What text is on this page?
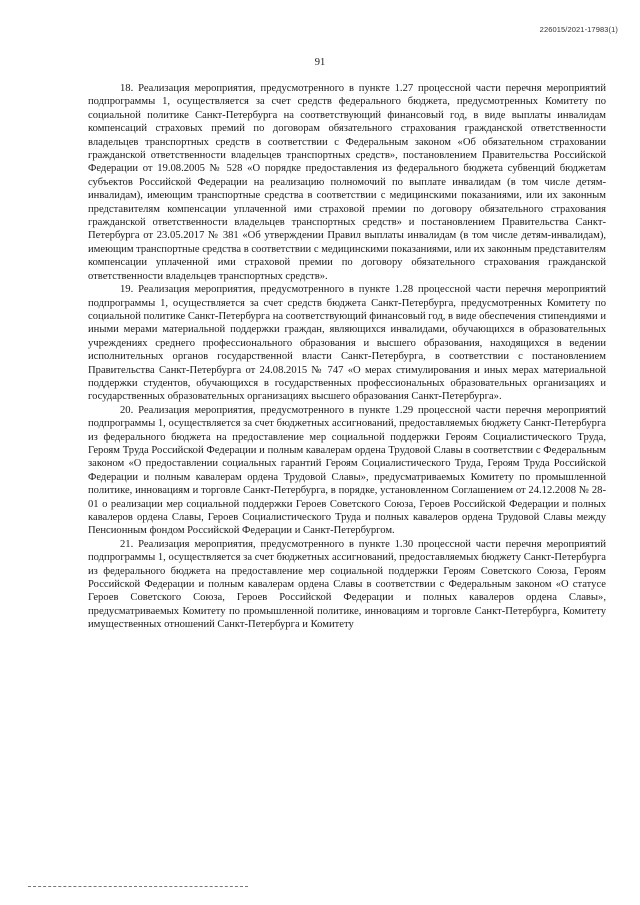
226015/2021-17983(1)
91

18. Реализация мероприятия, предусмотренного в пункте 1.27 процессной части перечня мероприятий подпрограммы 1, осуществляется за счет средств федерального бюджета, предусмотренных Комитету по социальной политике Санкт-Петербурга на соответствующий финансовый год, в виде выплаты инвалидам компенсаций страховых премий по договорам обязательного страхования гражданской ответственности владельцев транспортных средств в соответствии с Федеральным законом «Об обязательном страховании гражданской ответственности владельцев транспортных средств», постановлением Правительства Российской Федерации от 19.08.2005 № 528 «О порядке предоставления из федерального бюджета субвенций бюджетам субъектов Российской Федерации на реализацию полномочий по выплате инвалидам (в том числе детям-инвалидам), имеющим транспортные средства в соответствии с медицинскими показаниями, или их законным представителям компенсации уплаченной ими страховой премии по договору обязательного страхования гражданской ответственности владельцев транспортных средств» и постановлением Правительства Санкт-Петербурга от 23.05.2017 № 381 «Об утверждении Правил выплаты инвалидам (в том числе детям-инвалидам), имеющим транспортные средства в соответствии с медицинскими показаниями, или их законным представителям компенсации уплаченной ими страховой премии по договору обязательного страхования гражданской ответственности владельцев транспортных средств».

19. Реализация мероприятия, предусмотренного в пункте 1.28 процессной части перечня мероприятий подпрограммы 1, осуществляется за счет средств бюджета Санкт-Петербурга, предусмотренных Комитету по социальной политике Санкт-Петербурга на соответствующий финансовый год, в виде обеспечения стипендиями и иными мерами материальной поддержки граждан, являющихся инвалидами, обучающихся в образовательных учреждениях среднего профессионального образования и высшего образования, находящихся в ведении исполнительных органов государственной власти Санкт-Петербурга, в соответствии с постановлением Правительства Санкт-Петербурга от 24.08.2015 № 747 «О мерах стимулирования и иных мерах материальной поддержки студентов, обучающихся в государственных профессиональных образовательных организациях и государственных образовательных организациях высшего образования Санкт-Петербурга».

20. Реализация мероприятия, предусмотренного в пункте 1.29 процессной части перечня мероприятий подпрограммы 1, осуществляется за счет бюджетных ассигнований, предоставляемых бюджету Санкт-Петербурга из федерального бюджета на предоставление мер социальной поддержки Героям Социалистического Труда, Героям Труда Российской Федерации и полным кавалерам ордена Трудовой Славы в соответствии с Федеральным законом «О предоставлении социальных гарантий Героям Социалистического Труда, Героям Труда Российской Федерации и полным кавалерам ордена Трудовой Славы», предусматриваемых Комитету по промышленной политике, инновациям и торговле Санкт-Петербурга, в порядке, установленном Соглашением от 24.12.2008 № 28-01 о реализации мер социальной поддержки Героев Советского Союза, Героев Российской Федерации и полных кавалеров ордена Славы, Героев Социалистического Труда и полных кавалеров ордена Трудовой Славы между Пенсионным фондом Российской Федерации и Санкт-Петербургом.

21. Реализация мероприятия, предусмотренного в пункте 1.30 процессной части перечня мероприятий подпрограммы 1, осуществляется за счет бюджетных ассигнований, предоставляемых бюджету Санкт-Петербурга из федерального бюджета на предоставление мер социальной поддержки Героям Советского Союза, Героям Российской Федерации и полным кавалерам ордена Славы в соответствии с Федеральным законом «О статусе Героев Советского Союза, Героев Российской Федерации и полных кавалеров ордена Славы», предусматриваемых Комитету по промышленной политике, инновациям и торговле Санкт-Петербурга, Комитету имущественных отношений Санкт-Петербурга и Комитету
